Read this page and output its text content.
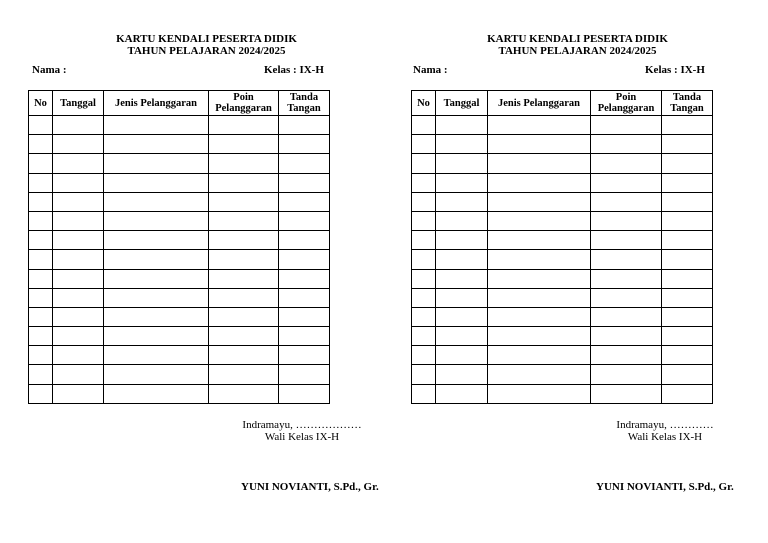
KARTU KENDALI PESERTA DIDIK
TAHUN PELAJARAN 2024/2025
Nama :	Kelas : IX-H
No	Tanggal	Jenis Pelanggaran	Poin Pelanggaran	Tanda Tangan

Indramayu, ………………
Wali Kelas IX-H
YUNI NOVIANTI, S.Pd., Gr.
KARTU KENDALI PESERTA DIDIK
TAHUN PELAJARAN 2024/2025
Nama :	Kelas : IX-H
No	Tanggal	Jenis Pelanggaran	Poin Pelanggaran	Tanda Tangan

Indramayu, …………
Wali Kelas IX-H
YUNI NOVIANTI, S.Pd., Gr.
